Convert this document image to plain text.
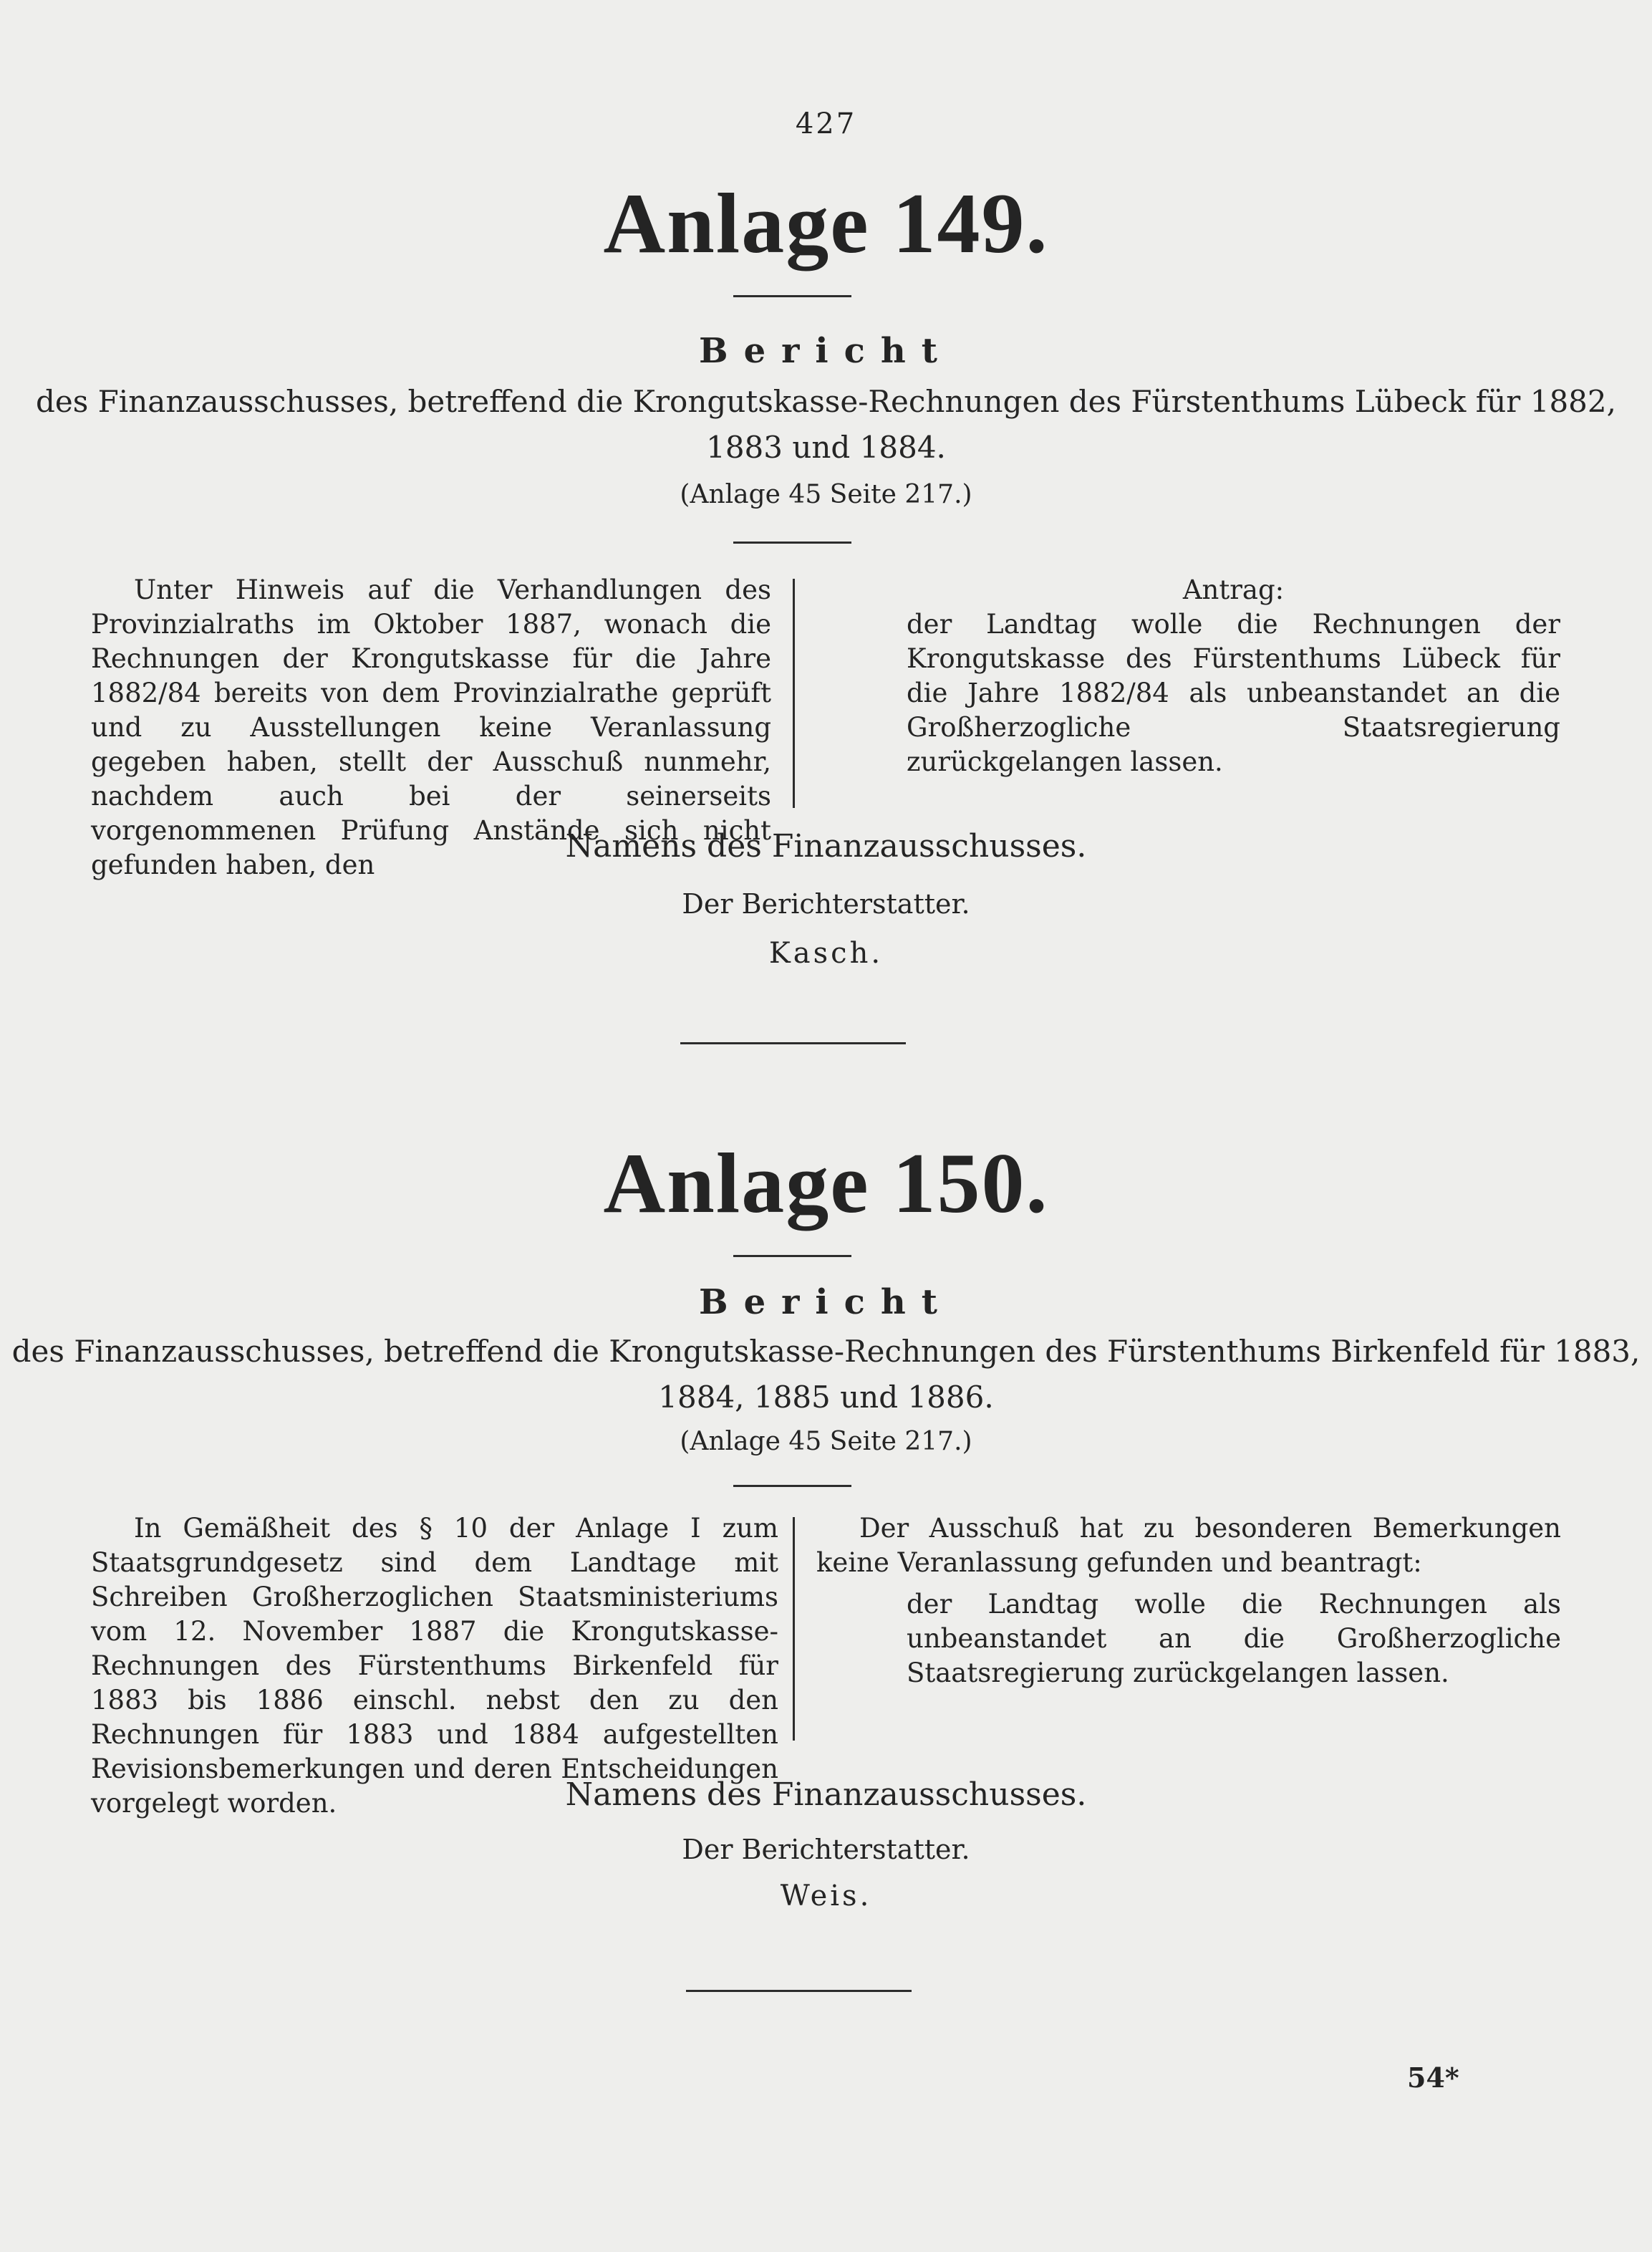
427
Anlage 149.
Bericht
des Finanzausschusses, betreffend die Krongutskasse-Rechnungen des Fürstenthums Lübeck für 1882,
1883 und 1884.
(Anlage 45 Seite 217.)

Unter Hinweis auf die Verhandlungen des Provinzialraths im Oktober 1887, wonach die Rechnungen der Krongutskasse für die Jahre 1882/84 bereits von dem Provinzialrathe geprüft und zu Ausstellungen keine Veranlassung gegeben haben, stellt der Ausschuß nunmehr, nachdem auch bei der seinerseits vorgenommenen Prüfung Anstände sich nicht gefunden haben, den

Antrag:

der Landtag wolle die Rechnungen der Krongutskasse des Fürstenthums Lübeck für die Jahre 1882/84 als unbeanstandet an die Großherzogliche Staatsregierung zurückgelangen lassen.

Namens des Finanzausschusses.
Der Berichterstatter.
Kasch.
Anlage 150.
Bericht
des Finanzausschusses, betreffend die Krongutskasse-Rechnungen des Fürstenthums Birkenfeld für 1883,
1884, 1885 und 1886.
(Anlage 45 Seite 217.)

In Gemäßheit des § 10 der Anlage I zum Staatsgrundgesetz sind dem Landtage mit Schreiben Großherzoglichen Staatsministeriums vom 12. November 1887 die Krongutskasse-Rechnungen des Fürstenthums Birkenfeld für 1883 bis 1886 einschl. nebst den zu den Rechnungen für 1883 und 1884 aufgestellten Revisionsbemerkungen und deren Entscheidungen vorgelegt worden.

Der Ausschuß hat zu besonderen Bemerkungen keine Veranlassung gefunden und beantragt:

der Landtag wolle die Rechnungen als unbeanstandet an die Großherzogliche Staatsregierung zurückgelangen lassen.

Namens des Finanzausschusses.
Der Berichterstatter.
Weis.
54*
